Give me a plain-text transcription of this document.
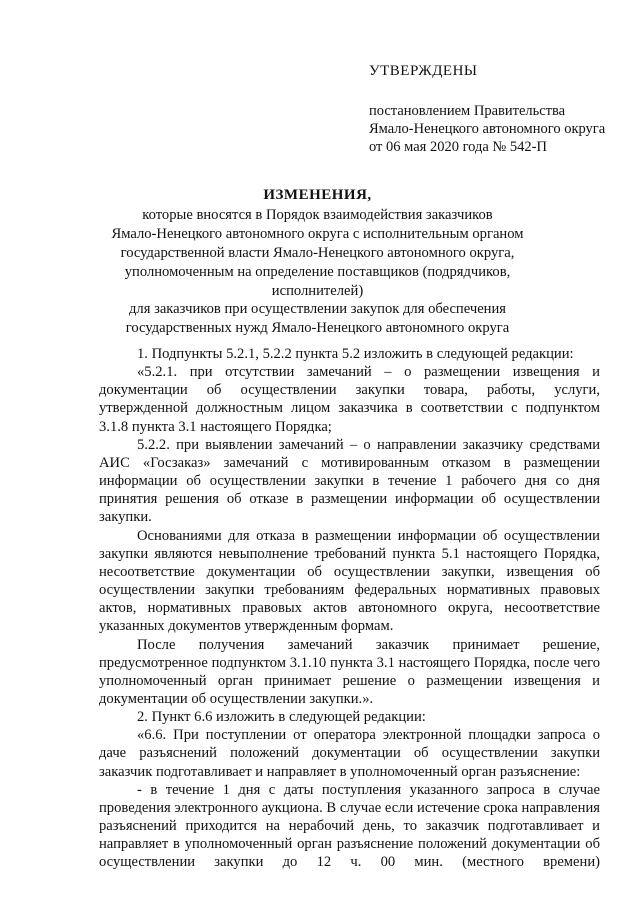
УТВЕРЖДЕНЫ
постановлением Правительства
Ямало-Ненецкого автономного округа
от 06 мая 2020 года № 542-П
ИЗМЕНЕНИЯ,
которые вносятся в Порядок взаимодействия заказчиков
Ямало-Ненецкого автономного округа с исполнительным органом
государственной власти Ямало-Ненецкого автономного округа,
уполномоченным на определение поставщиков (подрядчиков, исполнителей)
для заказчиков при осуществлении закупок для обеспечения
государственных нужд Ямало-Ненецкого автономного округа

1. Подпункты 5.2.1, 5.2.2 пункта 5.2 изложить в следующей редакции:

«5.2.1. при отсутствии замечаний – о размещении извещения и документации об осуществлении закупки товара, работы, услуги, утвержденной должностным лицом заказчика в соответствии с подпунктом 3.1.8 пункта 3.1 настоящего Порядка;

5.2.2. при выявлении замечаний – о направлении заказчику средствами АИС «Госзаказ» замечаний с мотивированным отказом в размещении информации об осуществлении закупки в течение 1 рабочего дня со дня принятия решения об отказе в размещении информации об осуществлении закупки.

Основаниями для отказа в размещении информации об осуществлении закупки являются невыполнение требований пункта 5.1 настоящего Порядка, несоответствие документации об осуществлении закупки, извещения об осуществлении закупки требованиям федеральных нормативных правовых актов, нормативных правовых актов автономного округа, несоответствие указанных документов утвержденным формам.

После получения замечаний заказчик принимает решение, предусмотренное подпунктом 3.1.10 пункта 3.1 настоящего Порядка, после чего уполномоченный орган принимает решение о размещении извещения и документации об осуществлении закупки.».

2. Пункт 6.6 изложить в следующей редакции:

«6.6. При поступлении от оператора электронной площадки запроса о даче разъяснений положений документации об осуществлении закупки заказчик подготавливает и направляет в уполномоченный орган разъяснение:

- в течение 1 дня с даты поступления указанного запроса в случае проведения электронного аукциона. В случае если истечение срока направления разъяснений приходится на нерабочий день, то заказчик подготавливает и направляет в уполномоченный орган разъяснение положений документации об осуществлении закупки до 12 ч. 00 мин. (местного времени)
